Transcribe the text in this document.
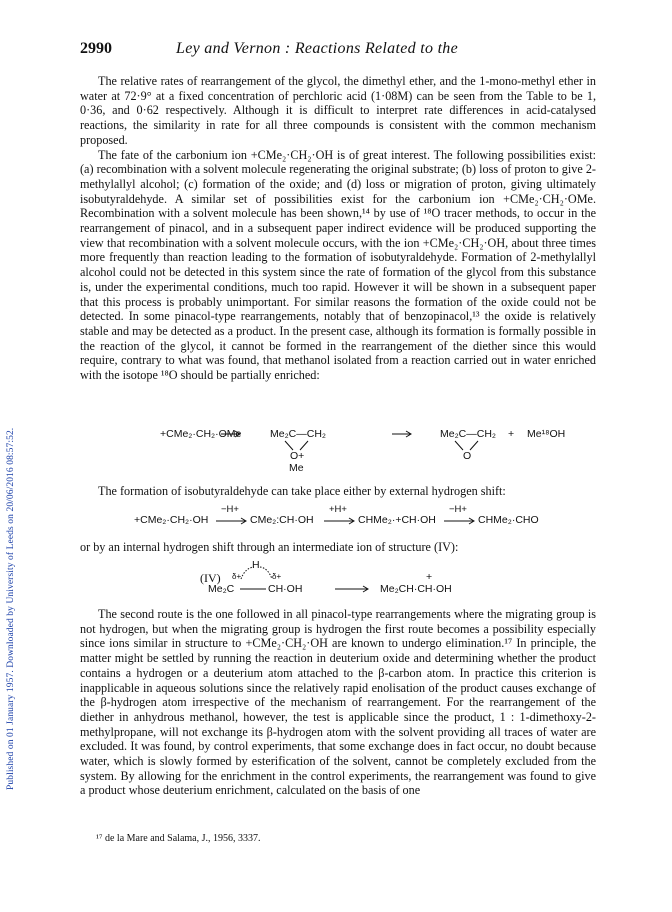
Published on 01 January 1957. Downloaded by University of Leeds on 20/06/2016 08:57:52.
2990	Ley and Vernon : Reactions Related to the

The relative rates of rearrangement of the glycol, the dimethyl ether, and the 1-mono-methyl ether in water at 72·9° at a fixed concentration of perchloric acid (1·08M) can be seen from the Table to be 1, 0·36, and 0·62 respectively. Although it is difficult to interpret rate differences in acid-catalysed reactions, the similarity in rate for all three compounds is consistent with the common mechanism proposed.

The fate of the carbonium ion +CMe₂·CH₂·OH is of great interest. The following possibilities exist: (a) recombination with a solvent molecule regenerating the original substrate; (b) loss of proton to give 2-methylallyl alcohol; (c) formation of the oxide; and (d) loss or migration of proton, giving ultimately isobutyraldehyde. A similar set of possibilities exist for the carbonium ion +CMe₂·CH₂·OMe. Recombination with a solvent molecule has been shown,¹⁴ by use of ¹⁸O tracer methods, to occur in the rearrangement of pinacol, and in a subsequent paper indirect evidence will be produced supporting the view that recombination with a solvent molecule occurs, with the ion +CMe₂·CH₂·OH, about three times more frequently than reaction leading to the formation of isobutyraldehyde. Formation of 2-methylallyl alcohol could not be detected in this system since the rate of formation of the glycol from this substance is, under the experimental conditions, much too rapid. However it will be shown in a subsequent paper that this process is probably unimportant. For similar reasons the formation of the oxide could not be detected. In some pinacol-type rearrangements, notably that of benzopinacol,¹³ the oxide is relatively stable and may be detected as a product. In the present case, although its formation is formally possible in the reaction of the glycol, it cannot be formed in the rearrangement of the diether since this would require, contrary to what was found, that methanol isolated from a reaction carried out in water enriched with the isotope ¹⁸O should be partially enriched:

+CMe₂·CH₂·OMe	Me₂C—CH₂
O+
Me
Me₂C—CH₂
O
+ Me¹⁸OH

The formation of isobutyraldehyde can take place either by external hydrogen shift:

+CMe₂·CH₂·OH
−H+
CMe₂:CH·OH
+H+
CHMe₂·+CH·OH
−H+
CHMe₂·CHO

or by an internal hydrogen shift through an intermediate ion of structure (IV):

H
(IV) δ+	δ+
Me₂C	CH·OH
+
Me₂CH·CH·OH

The second route is the one followed in all pinacol-type rearrangements where the migrating group is not hydrogen, but when the migrating group is hydrogen the first route becomes a possibility especially since ions similar in structure to +CMe₂·CH₂·OH are known to undergo elimination.¹⁷ In principle, the matter might be settled by running the reaction in deuterium oxide and determining whether the product contains a hydrogen or a deuterium atom attached to the β-carbon atom. In practice this criterion is inapplicable in aqueous solutions since the relatively rapid enolisation of the product causes exchange of the β-hydrogen atom irrespective of the mechanism of rearrangement. For the rearrangement of the diether in anhydrous methanol, however, the test is applicable since the product, 1 : 1-dimethoxy-2-methylpropane, will not exchange its β-hydrogen atom with the solvent providing all traces of water are excluded. It was found, by control experiments, that some exchange does in fact occur, no doubt because water, which is slowly formed by esterification of the solvent, cannot be completely excluded from the system. By allowing for the enrichment in the control experiments, the rearrangement was found to give a product whose deuterium enrichment, calculated on the basis of one

¹⁷ de la Mare and Salama, J., 1956, 3337.
